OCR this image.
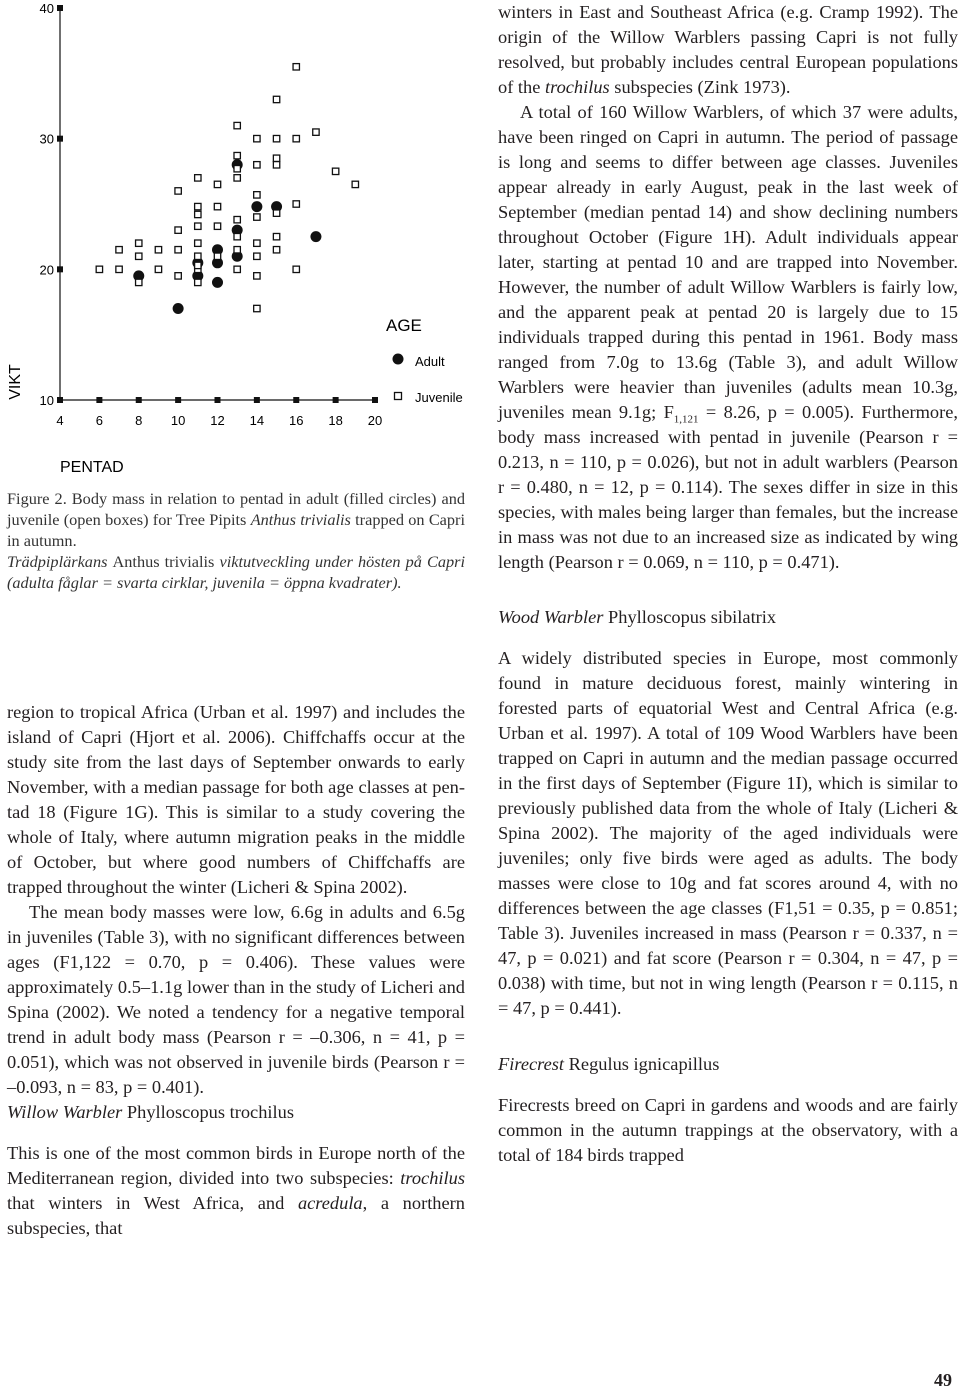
10
20
30
40
4 6 8 10 12 14 16 18 20
VIKT
PENTAD
AGE
Adult
Juvenile

Figure 2. Body mass in relation to pentad in adult (filled circles) and juvenile (open boxes) for Tree Pipits Anthus trivialis trapped on Capri in autumn.

Trädpiplärkans Anthus trivialis viktutveckling under hösten på Capri (adulta fåglar = svarta cirklar, juvenila = öppna kvadrater).

region to tropical Africa (Urban et al. 1997) and includes the island of Capri (Hjort et al. 2006). Chiffchaffs occur at the study site from the last days of September onwards to early November, with a median passage for both age classes at pentad 18 (Figure 1G). This is similar to a study covering the whole of Italy, where autumn migration peaks in the middle of October, but where good numbers of Chiffchaffs are trapped throughout the winter (Licheri & Spina 2002).

The mean body masses were low, 6.6g in adults and 6.5g in juveniles (Table 3), with no significant differences between ages (F1,122 = 0.70, p = 0.406). These values were approximately 0.5–1.1g lower than in the study of Licheri and Spina (2002). We noted a tendency for a negative temporal trend in adult body mass (Pearson r = –0.306, n = 41, p = 0.051), which was not observed in juvenile birds (Pearson r = –0.093, n = 83, p = 0.401).

Willow Warbler Phylloscopus trochilus

This is one of the most common birds in Europe north of the Mediterranean region, divided into two subspecies: trochilus that winters in West Africa, and acredula, a northern subspecies, that

winters in East and Southeast Africa (e.g. Cramp 1992). The origin of the Willow Warblers passing Capri is not fully resolved, but probably includes central European populations of the trochilus subspecies (Zink 1973).

A total of 160 Willow Warblers, of which 37 were adults, have been ringed on Capri in autumn. The period of passage is long and seems to differ between age classes. Juveniles appear already in early August, peak in the last week of September (median pentad 14) and show declining numbers throughout October (Figure 1H). Adult individuals appear later, starting at pentad 10 and are trapped into November. However, the number of adult Willow Warblers is fairly low, and the apparent peak at pentad 20 is largely due to 15 individuals trapped during this pentad in 1961. Body mass ranged from 7.0g to 13.6g (Table 3), and adult Willow Warblers were heavier than juveniles (adults mean 10.3g, juveniles mean 9.1g; $F_{1,121} = 8.26$, p = 0.005). Furthermore, body mass increased with pentad in juvenile (Pearson r = 0.213, n = 110, p = 0.026), but not in adult warblers (Pearson r = 0.480, n = 12, p = 0.114). The sexes differ in size in this species, with males being larger than females, but the increase in mass was not due to an increased size as indicated by wing length (Pearson r = 0.069, n = 110, p = 0.471).

Wood Warbler Phylloscopus sibilatrix

A widely distributed species in Europe, most commonly found in mature deciduous forest, mainly wintering in forested parts of equatorial West and Central Africa (e.g. Urban et al. 1997). A total of 109 Wood Warblers have been trapped on Capri in autumn and the median passage occurred in the first days of September (Figure 1I), which is similar to previously published data from the whole of Italy (Licheri & Spina 2002). The majority of the aged individuals were juveniles; only five birds were aged as adults. The body masses were close to 10g and fat scores around 4, with no differences between the age classes (F1,51 = 0.35, p = 0.851; Table 3). Juveniles increased in mass (Pearson r = 0.337, n = 47, p = 0.021) and fat score (Pearson r = 0.304, n = 47, p = 0.038) with time, but not in wing length (Pearson r = 0.115, n = 47, p = 0.441).

Firecrest Regulus ignicapillus

Firecrests breed on Capri in gardens and woods and are fairly common in the autumn trappings at the observatory, with a total of 184 birds trapped

49
